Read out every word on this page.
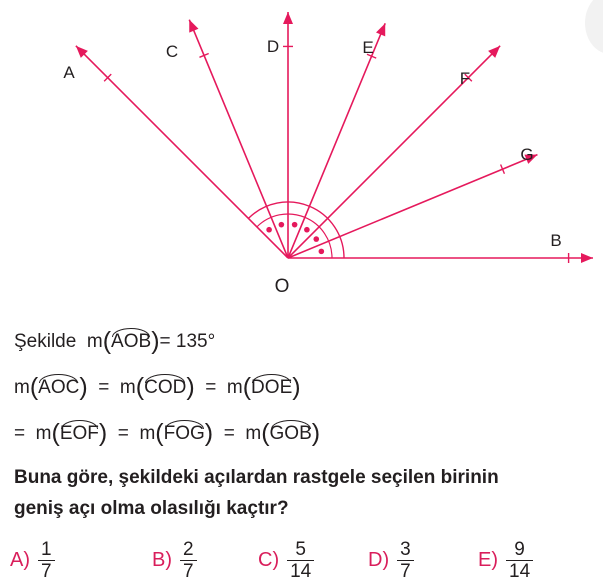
A
C	D	E
F
G
B
O
Şekilde m(AOB)= 135°
m(AOC) = m(COD) = m(DOE)
= m(EOF) = m(FOG) = m(GOB)
Buna göre, şekildeki açılardan rastgele seçilen birinin
geniş açı olma olasılığı kaçtır?
$A) \frac{1}{7}$	$B) \frac{2}{7}$	$C) \frac{5}{14}$	$D) \frac{3}{7}$	$E) \frac{9}{14}$
